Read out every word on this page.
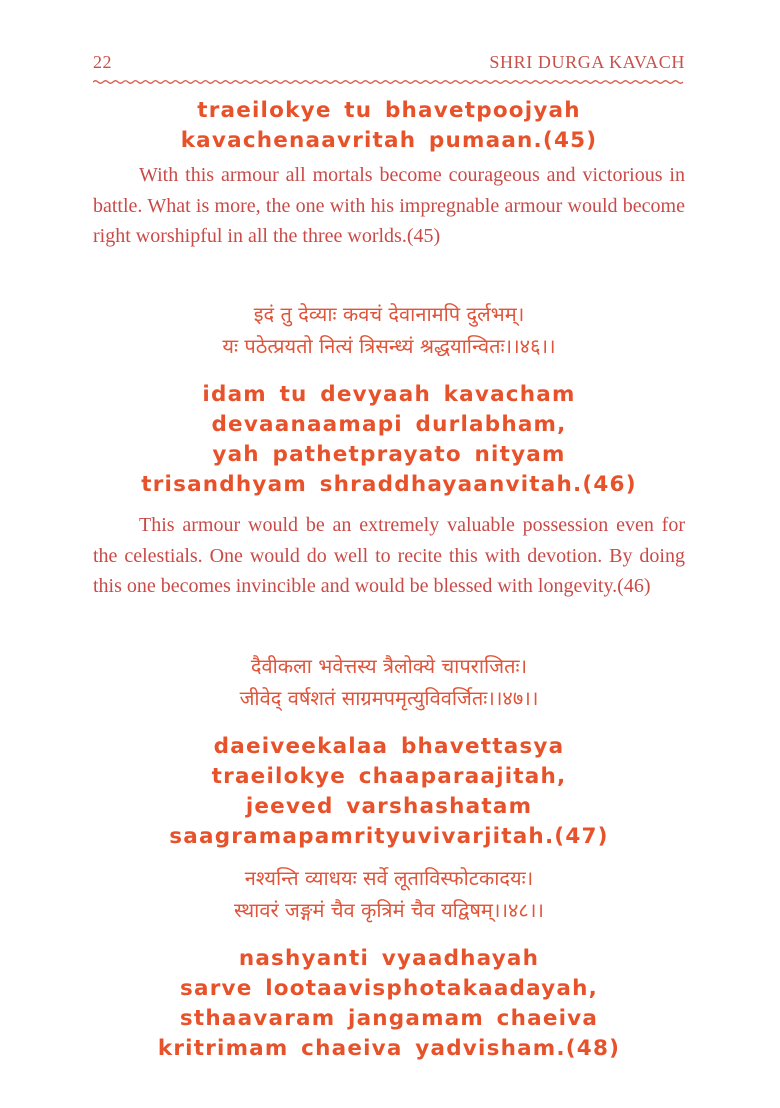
22	SHRI DURGA KAVACH
traeilokye tu bhavetpoojyah
kavachenaavritah pumaan.(45)
With this armour all mortals become courageous and victorious in battle. What is more, the one with his impregnable armour would become right worshipful in all the three worlds.(45)
इदं तु देव्याः कवचं देवानामपि दुर्लभम्।
यः पठेत्प्रयतो नित्यं त्रिसन्ध्यं श्रद्धयान्वितः।।४६।।
idam tu devyaah kavacham
devaanaamapi durlabham,
yah pathetprayato nityam
trisandhyam shraddhayaanvitah.(46)
This armour would be an extremely valuable possession even for the celestials. One would do well to recite this with devotion. By doing this one becomes invincible and would be blessed with longevity.(46)
दैवीकला भवेत्तस्य त्रैलोक्ये चापराजितः।
जीवेद् वर्षशतं साग्रमपमृत्युविवर्जितः।।४७।।
daeiveekalaa bhavettasya
traeilokye chaaparaajitah,
jeeved varshashatam
saagramapamrityuvivarjitah.(47)
नश्यन्ति व्याधयः सर्वे लूताविस्फोटकादयः।
स्थावरं जङ्गमं चैव कृत्रिमं चैव यद्विषम्।।४८।।
nashyanti vyaadhayah
sarve lootaavisphotakaadayah,
sthaavaram jangamam chaeiva
kritrimam chaeiva yadvisham.(48)
